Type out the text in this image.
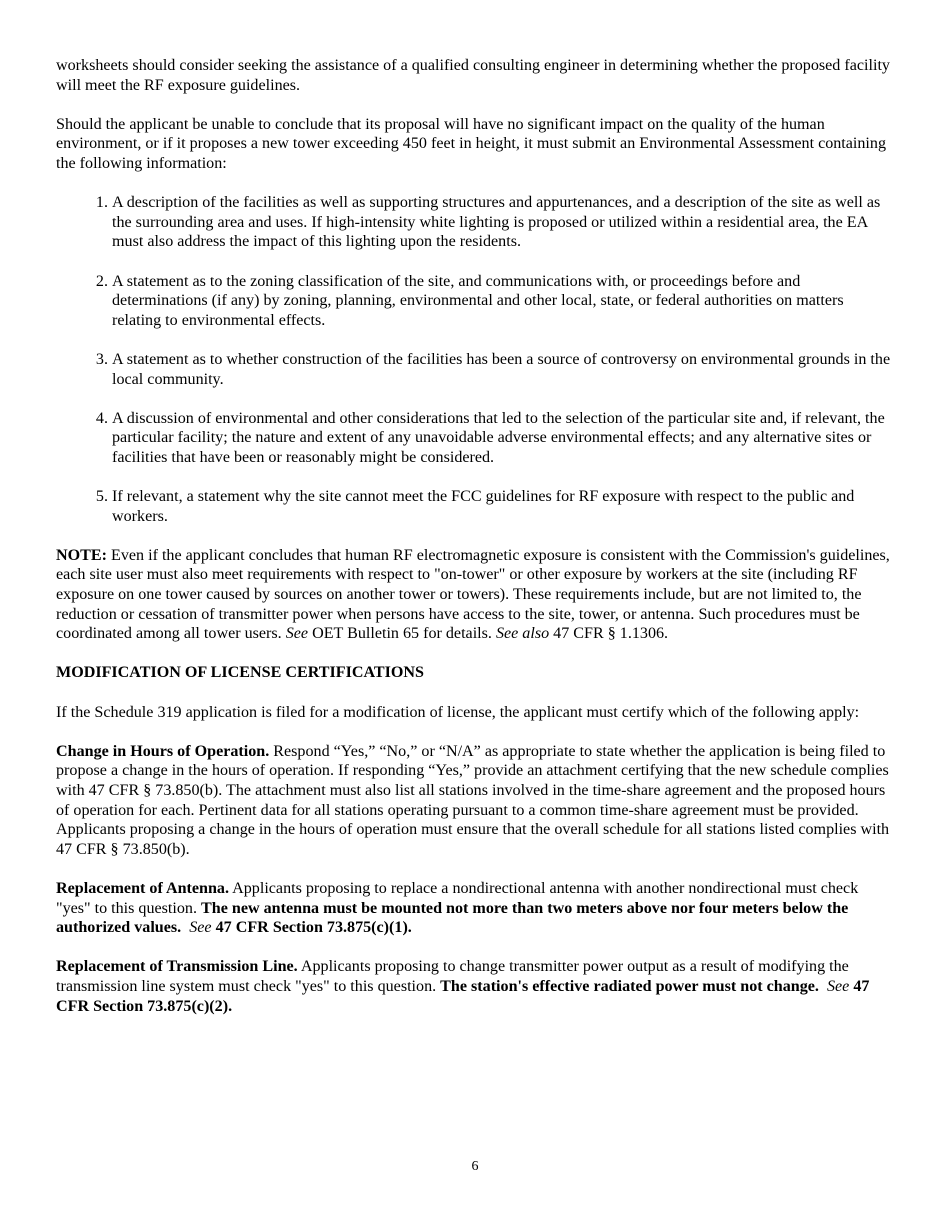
worksheets should consider seeking the assistance of a qualified consulting engineer in determining whether the proposed facility will meet the RF exposure guidelines.

Should the applicant be unable to conclude that its proposal will have no significant impact on the quality of the human environment, or if it proposes a new tower exceeding 450 feet in height, it must submit an Environmental Assessment containing the following information:

1. A description of the facilities as well as supporting structures and appurtenances, and a description of the site as well as the surrounding area and uses. If high-intensity white lighting is proposed or utilized within a residential area, the EA must also address the impact of this lighting upon the residents.
2. A statement as to the zoning classification of the site, and communications with, or proceedings before and determinations (if any) by zoning, planning, environmental and other local, state, or federal authorities on matters relating to environmental effects.
3. A statement as to whether construction of the facilities has been a source of controversy on environmental grounds in the local community.
4. A discussion of environmental and other considerations that led to the selection of the particular site and, if relevant, the particular facility; the nature and extent of any unavoidable adverse environmental effects; and any alternative sites or facilities that have been or reasonably might be considered.
5. If relevant, a statement why the site cannot meet the FCC guidelines for RF exposure with respect to the public and workers.

NOTE: Even if the applicant concludes that human RF electromagnetic exposure is consistent with the Commission's guidelines, each site user must also meet requirements with respect to "on-tower" or other exposure by workers at the site (including RF exposure on one tower caused by sources on another tower or towers). These requirements include, but are not limited to, the reduction or cessation of transmitter power when persons have access to the site, tower, or antenna. Such procedures must be coordinated among all tower users. See OET Bulletin 65 for details. See also 47 CFR § 1.1306.

MODIFICATION OF LICENSE CERTIFICATIONS

If the Schedule 319 application is filed for a modification of license, the applicant must certify which of the following apply:

Change in Hours of Operation. Respond “Yes,” “No,” or “N/A” as appropriate to state whether the application is being filed to propose a change in the hours of operation. If responding “Yes,” provide an attachment certifying that the new schedule complies with 47 CFR § 73.850(b). The attachment must also list all stations involved in the time-share agreement and the proposed hours of operation for each. Pertinent data for all stations operating pursuant to a common time-share agreement must be provided. Applicants proposing a change in the hours of operation must ensure that the overall schedule for all stations listed complies with 47 CFR § 73.850(b).

Replacement of Antenna. Applicants proposing to replace a nondirectional antenna with another nondirectional must check "yes" to this question. The new antenna must be mounted not more than two meters above nor four meters below the authorized values. See 47 CFR Section 73.875(c)(1).

Replacement of Transmission Line. Applicants proposing to change transmitter power output as a result of modifying the transmission line system must check "yes" to this question. The station's effective radiated power must not change. See 47 CFR Section 73.875(c)(2).

6
